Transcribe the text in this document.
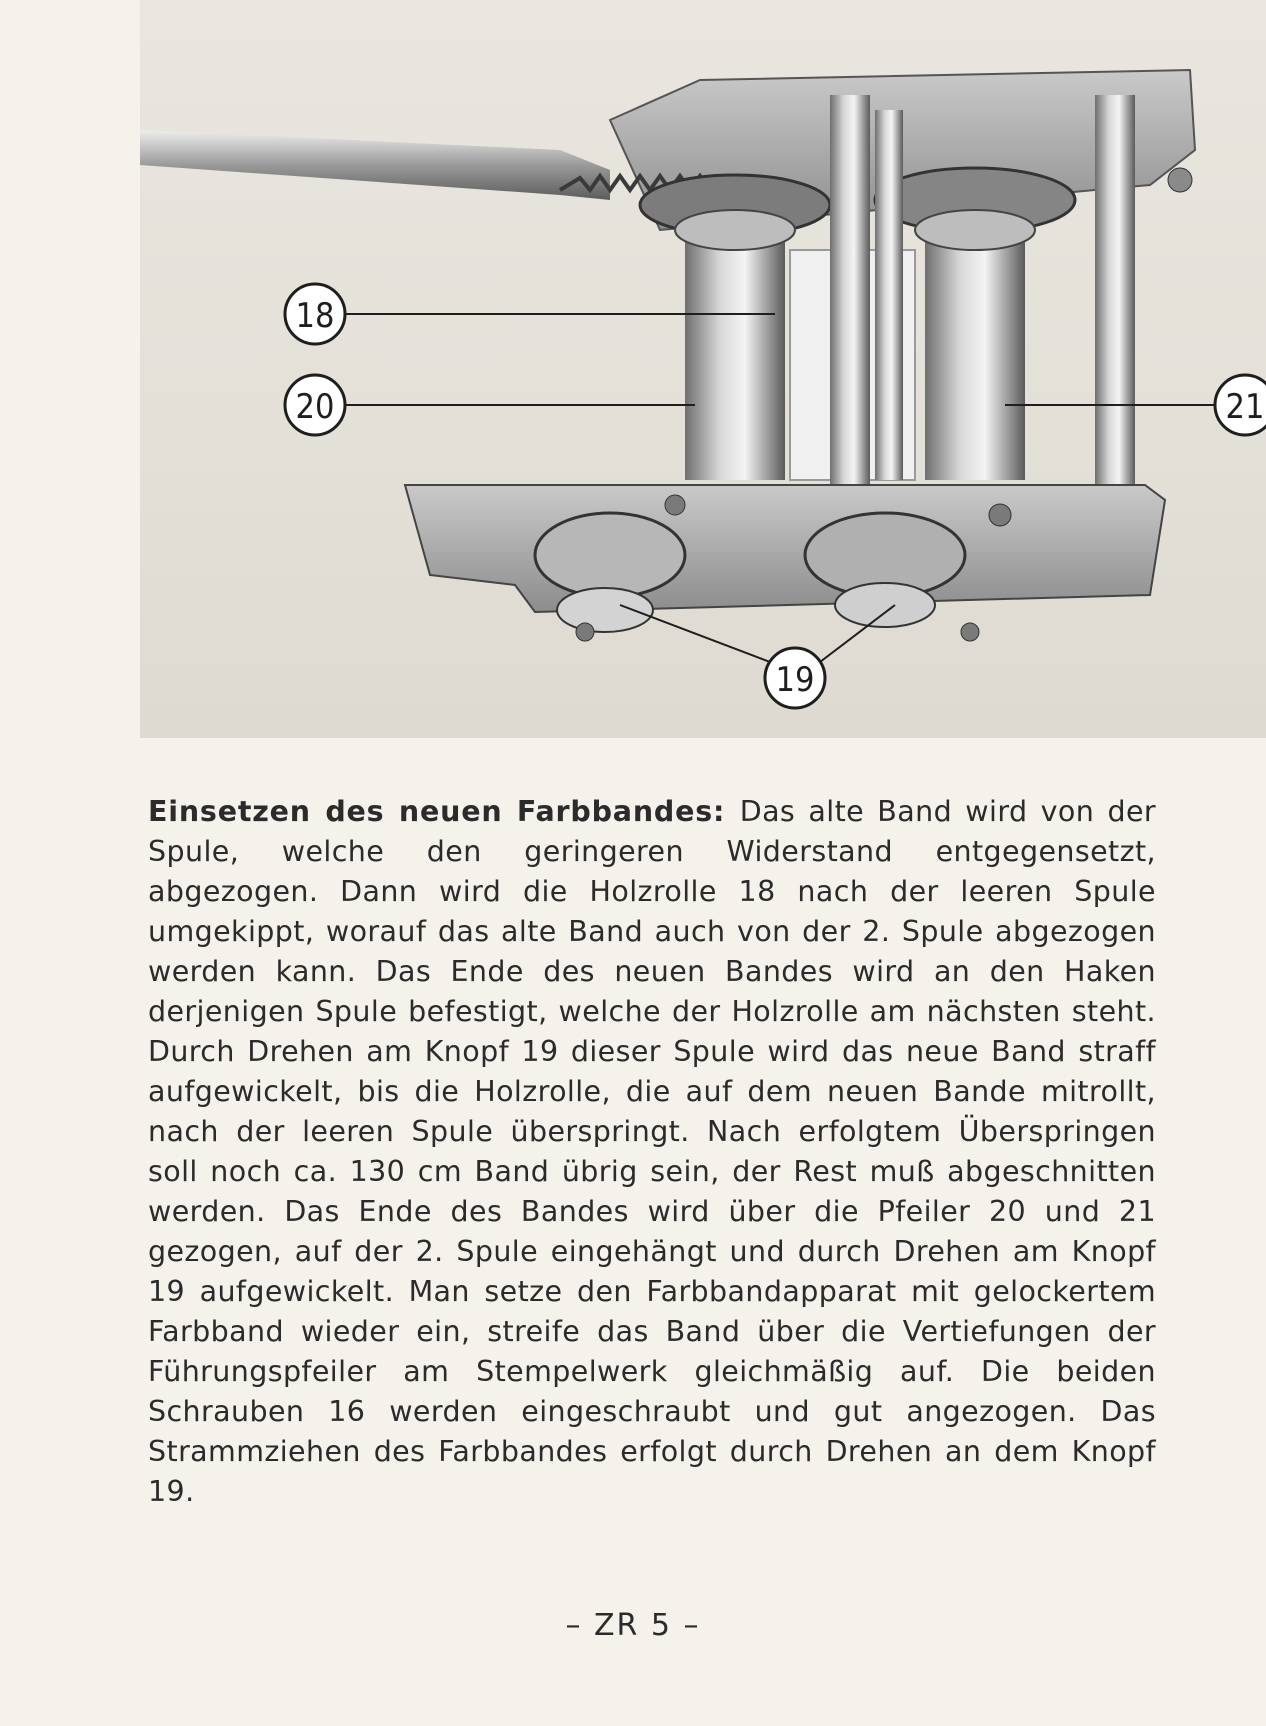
18
20	21
19
Einsetzen des neuen Farbbandes: Das alte Band wird von der Spule, welche den geringeren Widerstand entgegensetzt, abgezogen. Dann wird die Holzrolle 18 nach der leeren Spule umgekippt, worauf das alte Band auch von der 2. Spule abgezogen werden kann. Das Ende des neuen Bandes wird an den Haken derjenigen Spule befestigt, welche der Holzrolle am nächsten steht. Durch Drehen am Knopf 19 dieser Spule wird das neue Band straff aufgewickelt, bis die Holzrolle, die auf dem neuen Bande mitrollt, nach der leeren Spule überspringt. Nach erfolgtem Überspringen soll noch ca. 130 cm Band übrig sein, der Rest muß abgeschnitten werden. Das Ende des Bandes wird über die Pfeiler 20 und 21 gezogen, auf der 2. Spule eingehängt und durch Drehen am Knopf 19 aufgewickelt. Man setze den Farbbandapparat mit gelockertem Farbband wieder ein, streife das Band über die Vertiefungen der Führungspfeiler am Stempelwerk gleichmäßig auf. Die beiden Schrauben 16 werden eingeschraubt und gut angezogen. Das Strammziehen des Farbbandes erfolgt durch Drehen an dem Knopf 19.
– ZR 5 –
